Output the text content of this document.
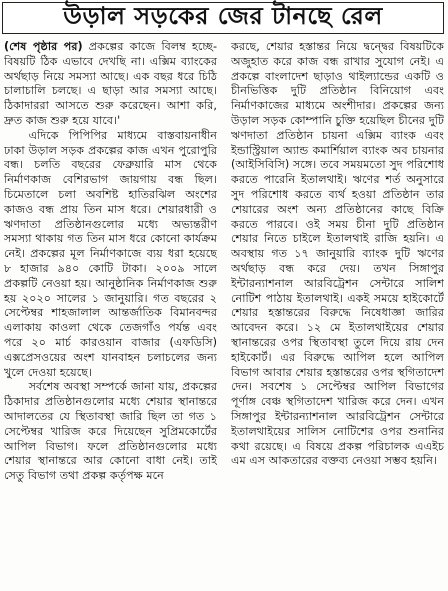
উড়াল সড়কের জের টানছে রেল

(শেষ পৃষ্ঠার পর) প্রকল্পের কাজে বিলম্ব হচ্ছে- বিষয়টি ঠিক এভাবে দেখছি না। এক্সিম ব্যাংকের অর্থছাড় নিয়ে সমস্যা আছে। এক বছর ধরে চিঠি চালাচালি চলছে। এ ছাড়া আর সমস্যা আছে। ঠিকাদাররা আসতে শুরু করেছেন। আশা করি, দ্রুত কাজ শুরু হয়ে যাবে।'

এদিকে পিপিপির মাধ্যমে বাস্তবায়নাধীন ঢাকা উড়াল সড়ক প্রকল্পের কাজ এখন পুরোপুরি বন্ধ। চলতি বছরের ফেব্রুয়ারি মাস থেকে নির্মাণকাজ বেশিরভাগ জায়গায় বন্ধ ছিল। চিমেতালে চলা অবশিষ্ট হাতিরঝিল অংশের কাজও বন্ধ প্রায় তিন মাস ধরে। শেয়ারধারী ও ঋণদাতা প্রতিষ্ঠানগুলোর মধ্যে অভ্যন্তরীণ সমস্যা থাকায় গত তিন মাস ধরে কোনো কার্যক্রম নেই। প্রকল্পের মূল নির্মাণকাজে ব্যয় ধরা হয়েছে ৮ হাজার ৯৪০ কোটি টাকা। ২০০৯ সালে প্রকল্পটি নেওয়া হয়। আনুষ্ঠানিক নির্মাণকাজ শুরু হয় ২০২০ সালের ১ জানুয়ারি। গত বছরের ২ সেপ্টেম্বর শাহজালাল আন্তর্জাতিক বিমানবন্দর এলাকায় কাওলা থেকে তেজগাঁও পর্যন্ত এবং পরে ২০ মার্চ কারওয়ান বাজার (এফডিসি) এক্সপ্রেসওয়ের অংশ যানবাহন চলাচলের জন্য খুলে দেওয়া হয়েছে।

সর্বশেষ অবস্থা সম্পর্কে জানা যায়, প্রকল্পের ঠিকাদার প্রতিষ্ঠানগুলোর মধ্যে শেয়ার স্থানান্তরে আদালতের যে স্থিতাবস্থা জারি ছিল তা গত ১ সেপ্টেম্বর খারিজ করে দিয়েছেন সুপ্রিমকোর্টের আপিল বিভাগ। ফলে প্রতিষ্ঠানগুলোর মধ্যে শেয়ার স্থানান্তরে আর কোনো বাধা নেই। তাই সেতু বিভাগ তথা প্রকল্প কর্তৃপক্ষ মনে

করছে, শেয়ার হস্তান্তর নিয়ে দ্বন্দ্বের বিষয়টিকে অজুহাত করে কাজ বন্ধ রাখার সুযোগ নেই। এ প্রকল্পে বাংলাদেশ ছাড়াও থাইল্যান্ডের একটি ও চীনভিত্তিক দুটি প্রতিষ্ঠান বিনিয়োগ এবং নির্মাণকাজের মাধ্যমে অংশীদার। প্রকল্পের জন্য উড়াল সড়ক কোম্পানি চুক্তি হয়েছিল চীনের দুটি ঋণদাতা প্রতিষ্ঠান চায়না এক্সিম ব্যাংক এবং ইন্ডাস্ট্রিয়াল অ্যান্ড কমার্শিয়াল ব্যাংক অব চায়নার (আইসিবিসি) সঙ্গে। তবে সময়মতো সুদ পরিশোধ করতে পারেনি ইতালথাই। ঋণের শর্ত অনুসারে সুদ পরিশোধ করতে ব্যর্থ হওয়া প্রতিষ্ঠান তার শেয়ারের অংশ অন্য প্রতিষ্ঠানের কাছে বিক্রি করতে পারবে। ওই সময় চীনা দুটি প্রতিষ্ঠান শেয়ার নিতে চাইলে ইতালথাই রাজি হয়নি। এ অবস্থায় গত ১৭ জানুয়ারি ব্যাংক দুটি ঋণের অর্থছাড় বন্ধ করে দেয়। তখন সিঙ্গাপুর ইন্টারন্যাশনাল আরবিট্রেশন সেন্টারে সালিশ নোটিশ পাঠায় ইতালথাই। একই সময়ে হাইকোর্টে শেয়ার হস্তান্তরের বিরুদ্ধে নিষেধাজ্ঞা জারির আবেদন করে। ১২ মে ইতালথাইয়ের শেয়ার স্থানান্তরের ওপর স্থিতাবস্থা তুলে দিয়ে রায় দেন হাইকোর্ট। এর বিরুদ্ধে আপিল হলে আপিল বিভাগ আবার শেয়ার হস্তান্তরের ওপর স্থগিতাদেশ দেন। সবশেষ ১ সেপ্টেম্বর আপিল বিভাগের পূর্ণাঙ্গ বেঞ্চ স্থগিতাদেশ খারিজ করে দেন। এখন সিঙ্গাপুর ইন্টারন্যাশনাল আরবিট্রেশন সেন্টারে ইতালথাইয়ের সালিস নোটিশের ওপর শুনানির কথা রয়েছে। এ বিষয়ে প্রকল্প পরিচালক এএইচ এম এস আকতারের বক্তব্য নেওয়া সম্ভব হয়নি।
